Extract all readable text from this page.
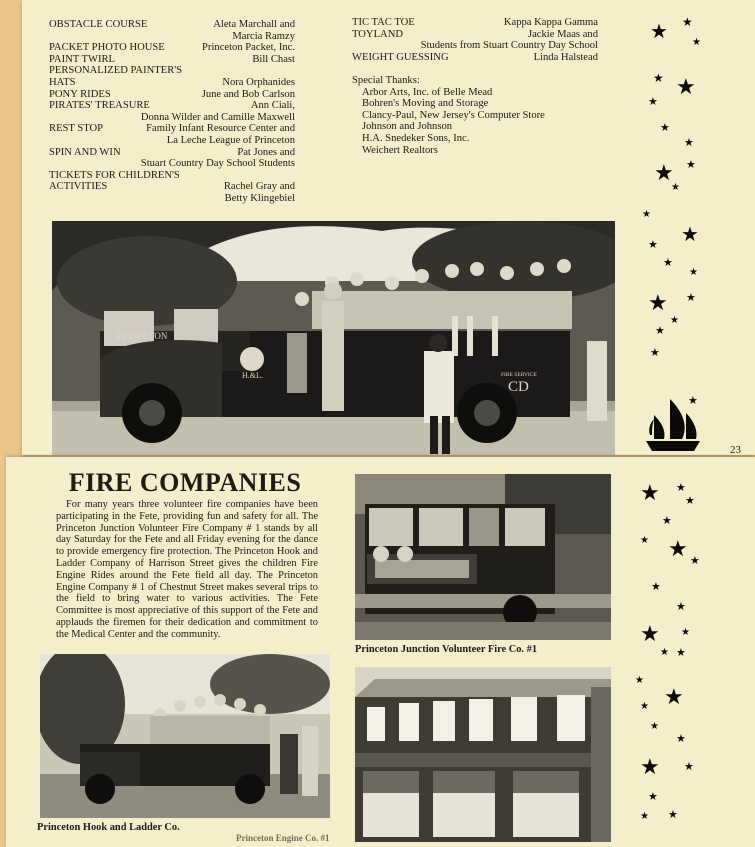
OBSTACLE COURSE	Aleta Marchall and
Marcia Ramzy
PACKET PHOTO HOUSE	Princeton Packet, Inc.
PAINT TWIRL	Bill Chast
PERSONALIZED PAINTER'S
HATS	Nora Orphanides
PONY RIDES	June and Bob Carlson
PIRATES' TREASURE	Ann Ciali,
Donna Wilder and Camille Maxwell
REST STOP	Family Infant Resource Center and
La Leche League of Princeton
SPIN AND WIN	Pat Jones and
Stuart Country Day School Students
TICKETS FOR CHILDREN'S
ACTIVITIES	Rachel Gray and
Betty Klingebiel
TIC TAC TOE	Kappa Kappa Gamma
TOYLAND	Jackie Maas and
Students from Stuart Country Day School
WEIGHT GUESSING	Linda Halstead
Special Thanks:
Arbor Arts, Inc. of Belle Mead
Bohren's Moving and Storage
Clancy-Paul, New Jersey's Computer Store
Johnson and Johnson
H.A. Snedeker Sons, Inc.
Weichert Realtors
PRINCETON
H.&L.
CD
FIRE SERVICE
23
FIRE COMPANIES
For many years three volunteer fire companies have been participating in the Fete, providing fun and safety for all. The Princeton Junction Volunteer Fire Company # 1 stands by all day Saturday for the Fete and all Friday evening for the dance to provide emergency fire protection. The Princeton Hook and Ladder Company of Harrison Street gives the children Fire Engine Rides around the Fete field all day. The Princeton Engine Company # 1 of Chestnut Street makes several trips to the field to bring water to various activities. The Fete Committee is most appreciative of this support of the Fete and applauds the firemen for their dedication and commitment to the Medical Center and the community.
Princeton Junction Volunteer Fire Co. #1
Princeton Hook and Ladder Co.
Princeton Engine Co. #1
★ ★
★
★ ★
★
★
★
★ ★
★
★
★
★
★
★
★ ★
★
★
★
★
★ ★
★
★
★ ★ ★
★
★
★ ★
★ ★
★
★
★
★
★
★ ★
★
★
★
